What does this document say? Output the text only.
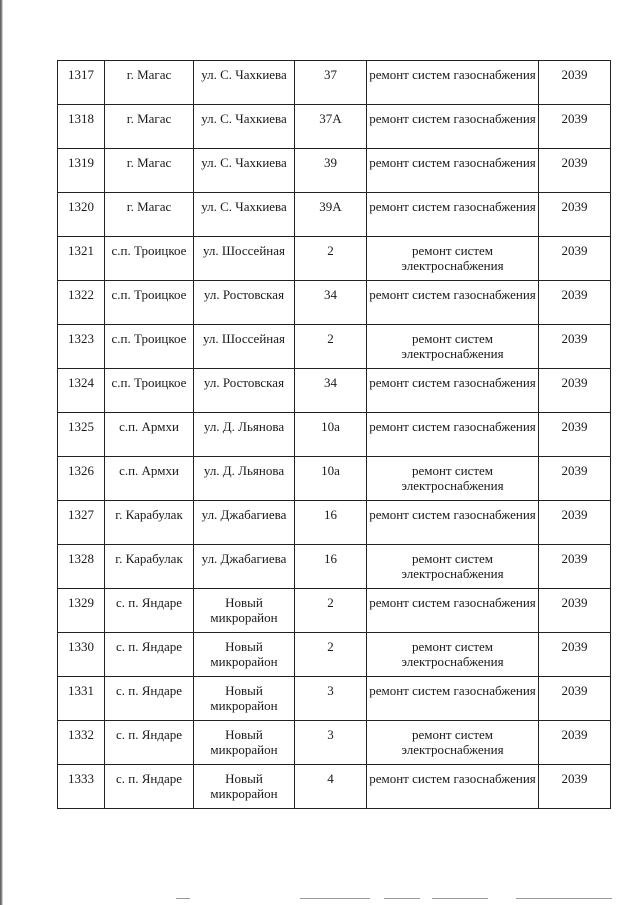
1317	г. Магас	ул. С. Чахкиева	37	ремонт систем газоснабжения	2039
1318	г. Магас	ул. С. Чахкиева	37А	ремонт систем газоснабжения	2039
1319	г. Магас	ул. С. Чахкиева	39	ремонт систем газоснабжения	2039
1320	г. Магас	ул. С. Чахкиева	39А	ремонт систем газоснабжения	2039
1321	с.п. Троицкое	ул. Шоссейная	2	ремонт систем электроснабжения	2039
1322	с.п. Троицкое	ул. Ростовская	34	ремонт систем газоснабжения	2039
1323	с.п. Троицкое	ул. Шоссейная	2	ремонт систем электроснабжения	2039
1324	с.п. Троицкое	ул. Ростовская	34	ремонт систем газоснабжения	2039
1325	с.п. Армхи	ул. Д. Льянова	10а	ремонт систем газоснабжения	2039
1326	с.п. Армхи	ул. Д. Льянова	10а	ремонт систем электроснабжения	2039
1327	г. Карабулак	ул. Джабагиева	16	ремонт систем газоснабжения	2039
1328	г. Карабулак	ул. Джабагиева	16	ремонт систем электроснабжения	2039
1329	с. п. Яндаре	Новый микрорайон	2	ремонт систем газоснабжения	2039
1330	с. п. Яндаре	Новый микрорайон	2	ремонт систем электроснабжения	2039
1331	с. п. Яндаре	Новый микрорайон	3	ремонт систем газоснабжения	2039
1332	с. п. Яндаре	Новый микрорайон	3	ремонт систем электроснабжения	2039
1333	с. п. Яндаре	Новый микрорайон	4	ремонт систем газоснабжения	2039
